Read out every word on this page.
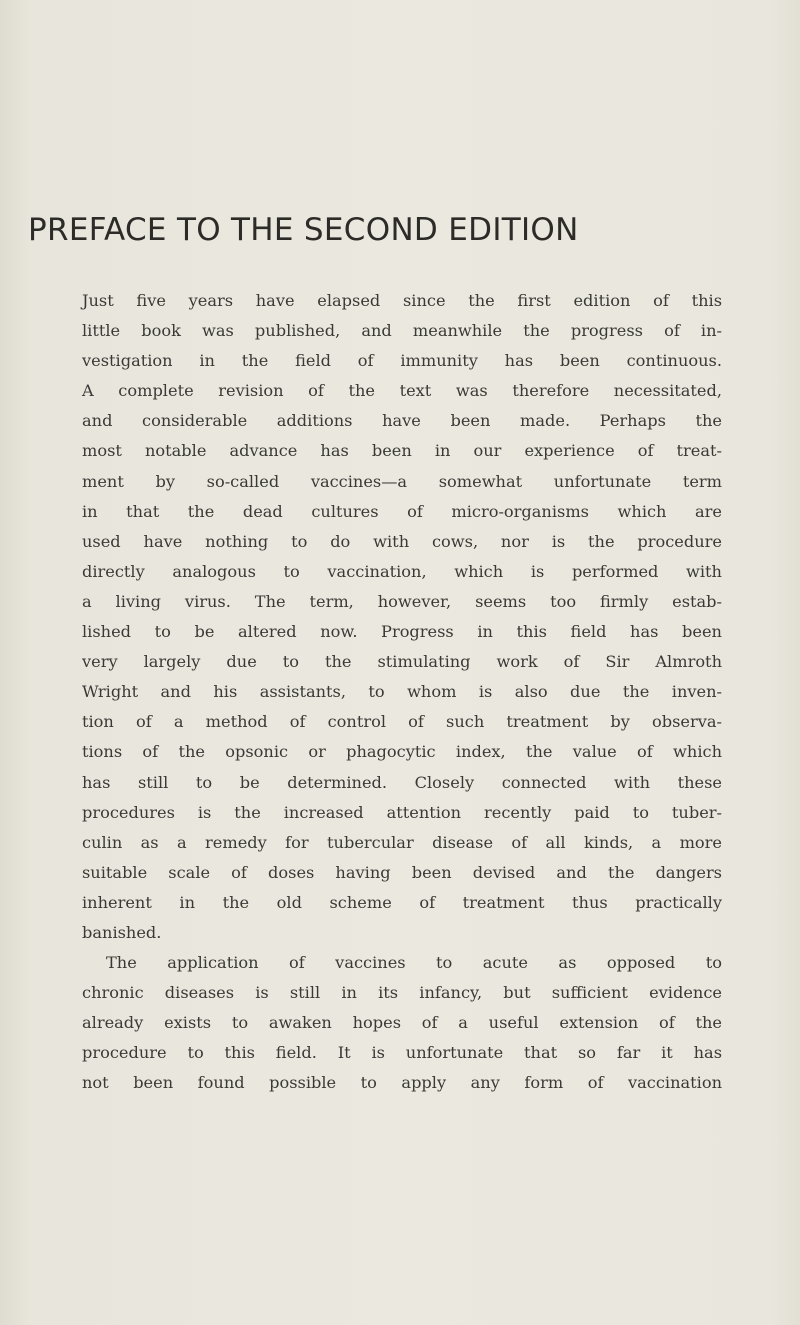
PREFACE TO THE SECOND EDITION
Just five years have elapsed since the first edition of this
little book was published, and meanwhile the progress of in-
vestigation in the field of immunity has been continuous.
A complete revision of the text was therefore necessitated,
and considerable additions have been made. Perhaps the
most notable advance has been in our experience of treat-
ment by so-called vaccines—a somewhat unfortunate term
in that the dead cultures of micro-organisms which are
used have nothing to do with cows, nor is the procedure
directly analogous to vaccination, which is performed with
a living virus. The term, however, seems too firmly estab-
lished to be altered now. Progress in this field has been
very largely due to the stimulating work of Sir Almroth
Wright and his assistants, to whom is also due the inven-
tion of a method of control of such treatment by observa-
tions of the opsonic or phagocytic index, the value of which
has still to be determined. Closely connected with these
procedures is the increased attention recently paid to tuber-
culin as a remedy for tubercular disease of all kinds, a more
suitable scale of doses having been devised and the dangers
inherent in the old scheme of treatment thus practically
banished.
The application of vaccines to acute as opposed to
chronic diseases is still in its infancy, but sufficient evidence
already exists to awaken hopes of a useful extension of the
procedure to this field. It is unfortunate that so far it has
not been found possible to apply any form of vaccination
